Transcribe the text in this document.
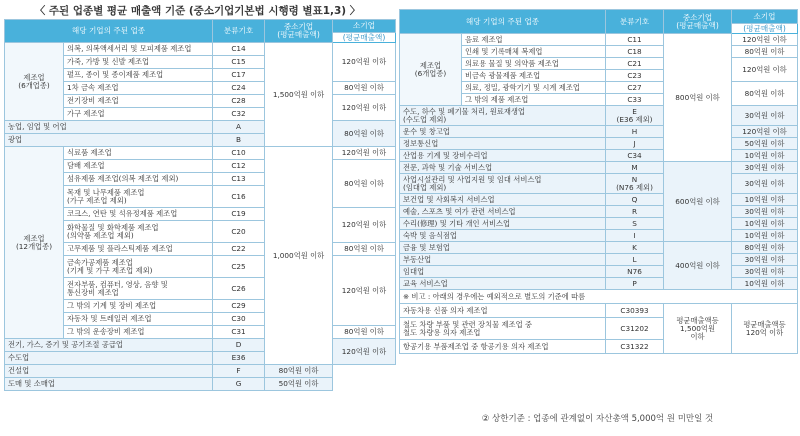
〈 주된 업종별 평균 매출액 기준 (중소기업기본법 시행령 별표1,3) 〉
해당 기업의 주된 업종		분류기호	중소기업
(평균매출액)	소기업
				(평균매출액)
제조업
(6개업종)	의복, 의복액세서리 및 모피제품 제조업	C14	1,500억원 이하	120억원 이하
	가죽, 가방 및 신발 제조업	C15		
	펄프, 종이 및 종이제품 제조업	C17		
	1차 금속 제조업	C24		80억원 이하
	전기장비 제조업	C28		120억원 이하
	가구 제조업	C32		
농업, 임업 및 어업		A		80억원 이하
광업		B		
제조업
(12개업종)	식료품 제조업	C10	1,000억원 이하	120억원 이하
	담배 제조업	C12		80억원 이하
	섬유제품 제조업(의복 제조업 제외)	C13		
	목재 및 나무제품 제조업
(가구 제조업 제외)	C16		
	코크스, 연탄 및 석유정제품 제조업	C19		120억원 이하
	화학물질 및 화학제품 제조업
(의약품 제조업 제외)	C20		
	고무제품 및 플라스틱제품 제조업	C22		80억원 이하
	금속가공제품 제조업
(기계 및 가구 제조업 제외)	C25		120억원 이하
	전자부품, 컴퓨터, 영상, 음향 및
통신장비 제조업	C26		
	그 밖의 기계 및 장비 제조업	C29		
	자동차 및 트레일러 제조업	C30		
	그 밖의 운송장비 제조업	C31		80억원 이하
전기, 가스, 증기 및 공기조절 공급업		D		120억원 이하
수도업		E36		
건설업		F	80억원 이하	
도매 및 소매업		G	50억원 이하	
해당 기업의 주된 업종		분류기호	중소기업
(평균매출액)	소기업
				(평균매출액)
제조업
(6개업종)	음료 제조업	C11	800억원 이하	120억원 이하
	인쇄 및 기록매체 복제업	C18		80억원 이하
	의료용 물질 및 의약품 제조업	C21		120억원 이하
	비금속 광물제품 제조업	C23		
	의료, 정밀, 광학기기 및 시계 제조업	C27		80억원 이하
	그 밖의 제품 제조업	C33		
수도, 하수 및 폐기물 처리, 원료재생업
(수도업 제외)		E
(E36 제외)		30억원 이하
운수 및 창고업		H		120억원 이하
정보통신업		J		50억원 이하
산업용 기계 및 장비수리업		C34		10억원 이하
전문, 과학 및 기술 서비스업		M	600억원 이하	30억원 이하
사업시설관리 및 사업지원 및 임대 서비스업
(임대업 제외)		N
(N76 제외)		30억원 이하
보건업 및 사회복지 서비스업		Q		10억원 이하
예술, 스포츠 및 여가 관련 서비스업		R		30억원 이하
수리(修理) 및 기타 개인 서비스업		S		10억원 이하
숙박 및 음식점업		I		10억원 이하
금융 및 보험업		K	400억원 이하	80억원 이하
부동산업		L		30억원 이하
임대업		N76		30억원 이하
교육 서비스업		P		10억원 이하
※ 비고 : 아래의 경우에는 예외적으로 별도의 기준에 따름				
자동차용 신품 의자 제조업		C30393	평균매출액등
1,500억원
이하	평균매출액등
120억 이하
철도 차량 부품 및 관련 장치물 제조업 중
철도 차량용 의자 제조업		C31202		
항공기용 부품제조업 중 항공기용 의자 제조업		C31322		
② 상한기준 : 업종에 관계없이 자산총액 5,000억 원 미만일 것
